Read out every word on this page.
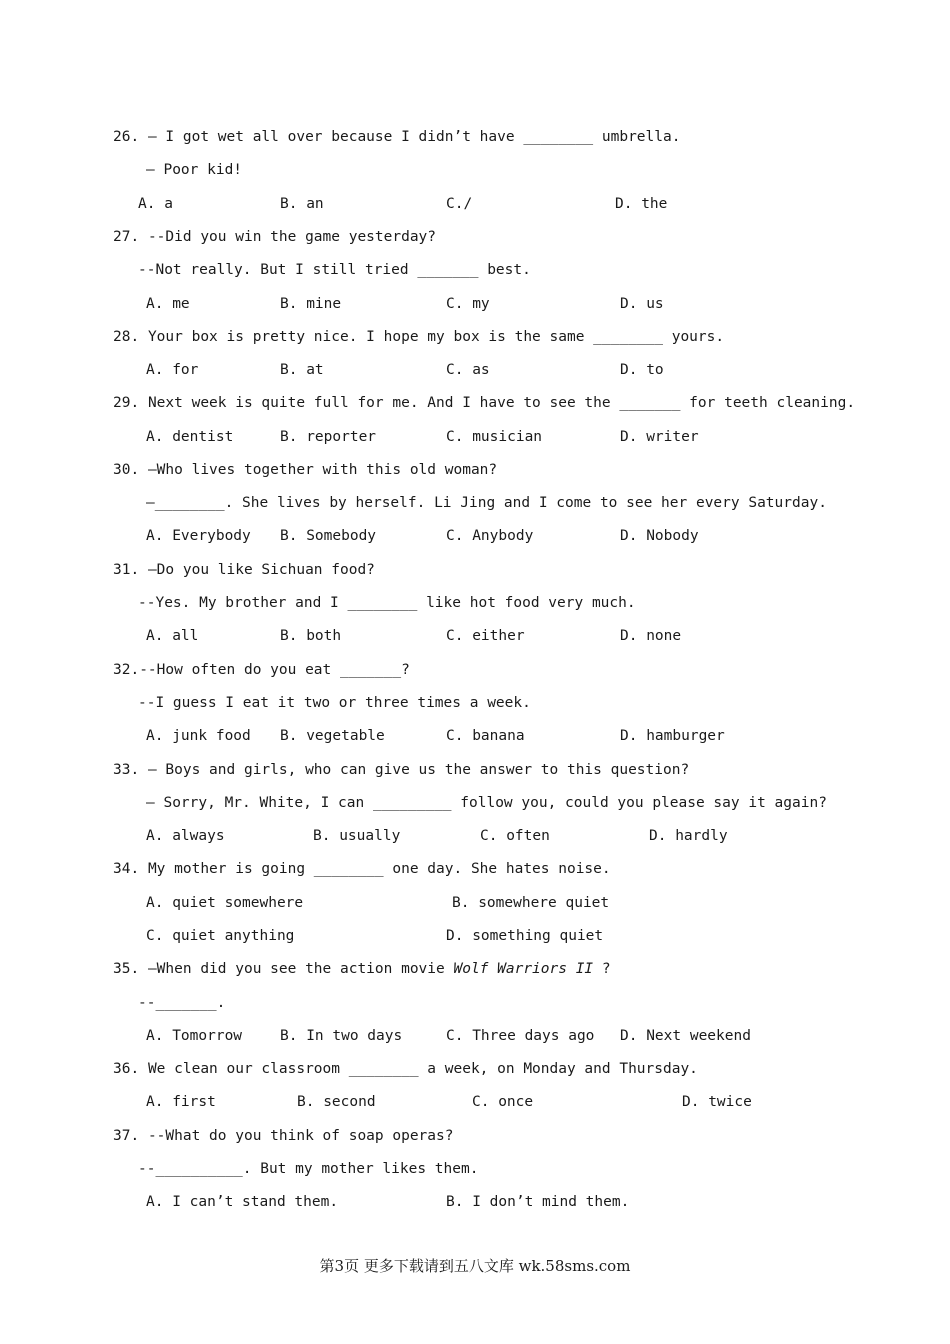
26. — I got wet all over because I didn’t have ________ umbrella.
— Poor kid!
A. a	B. an	C./	D. the
27. --Did you win the game yesterday?
--Not really. But I still tried _______ best.
A. me	B. mine	C. my	D. us
28. Your box is pretty nice. I hope my box is the same ________ yours.
A. for	B. at	C. as	D. to
29. Next week is quite full for me. And I have to see the _______ for teeth cleaning.
A. dentist	B. reporter	C. musician	D. writer
30. —Who lives together with this old woman?
—________. She lives by herself. Li Jing and I come to see her every Saturday.
A. Everybody B. Somebody	C. Anybody	D. Nobody
31. —Do you like Sichuan food?
--Yes. My brother and I ________ like hot food very much.
A. all	B. both	C. either	D. none
32.--How often do you eat _______?
--I guess I eat it two or three times a week.
A. junk food B. vegetable	C. banana	D. hamburger
33. — Boys and girls, who can give us the answer to this question?
— Sorry, Mr. White, I can _________ follow you, could you please say it again?
A. always	B. usually	C. often	D. hardly
34. My mother is going ________ one day. She hates noise.
A. quiet somewhere	B. somewhere quiet
C. quiet anything	D. something quiet
35. —When did you see the action movie Wolf Warriors II ?
--_______.
A. Tomorrow	B. In two days	C. Three days ago D. Next weekend
36. We clean our classroom ________ a week, on Monday and Thursday.
A. first	B. second	C. once	D. twice
37. --What do you think of soap operas?
--__________. But my mother likes them.
A. I can’t stand them.	B. I don’t mind them.
第3页 更多下载请到五八文库 wk.58sms.com
